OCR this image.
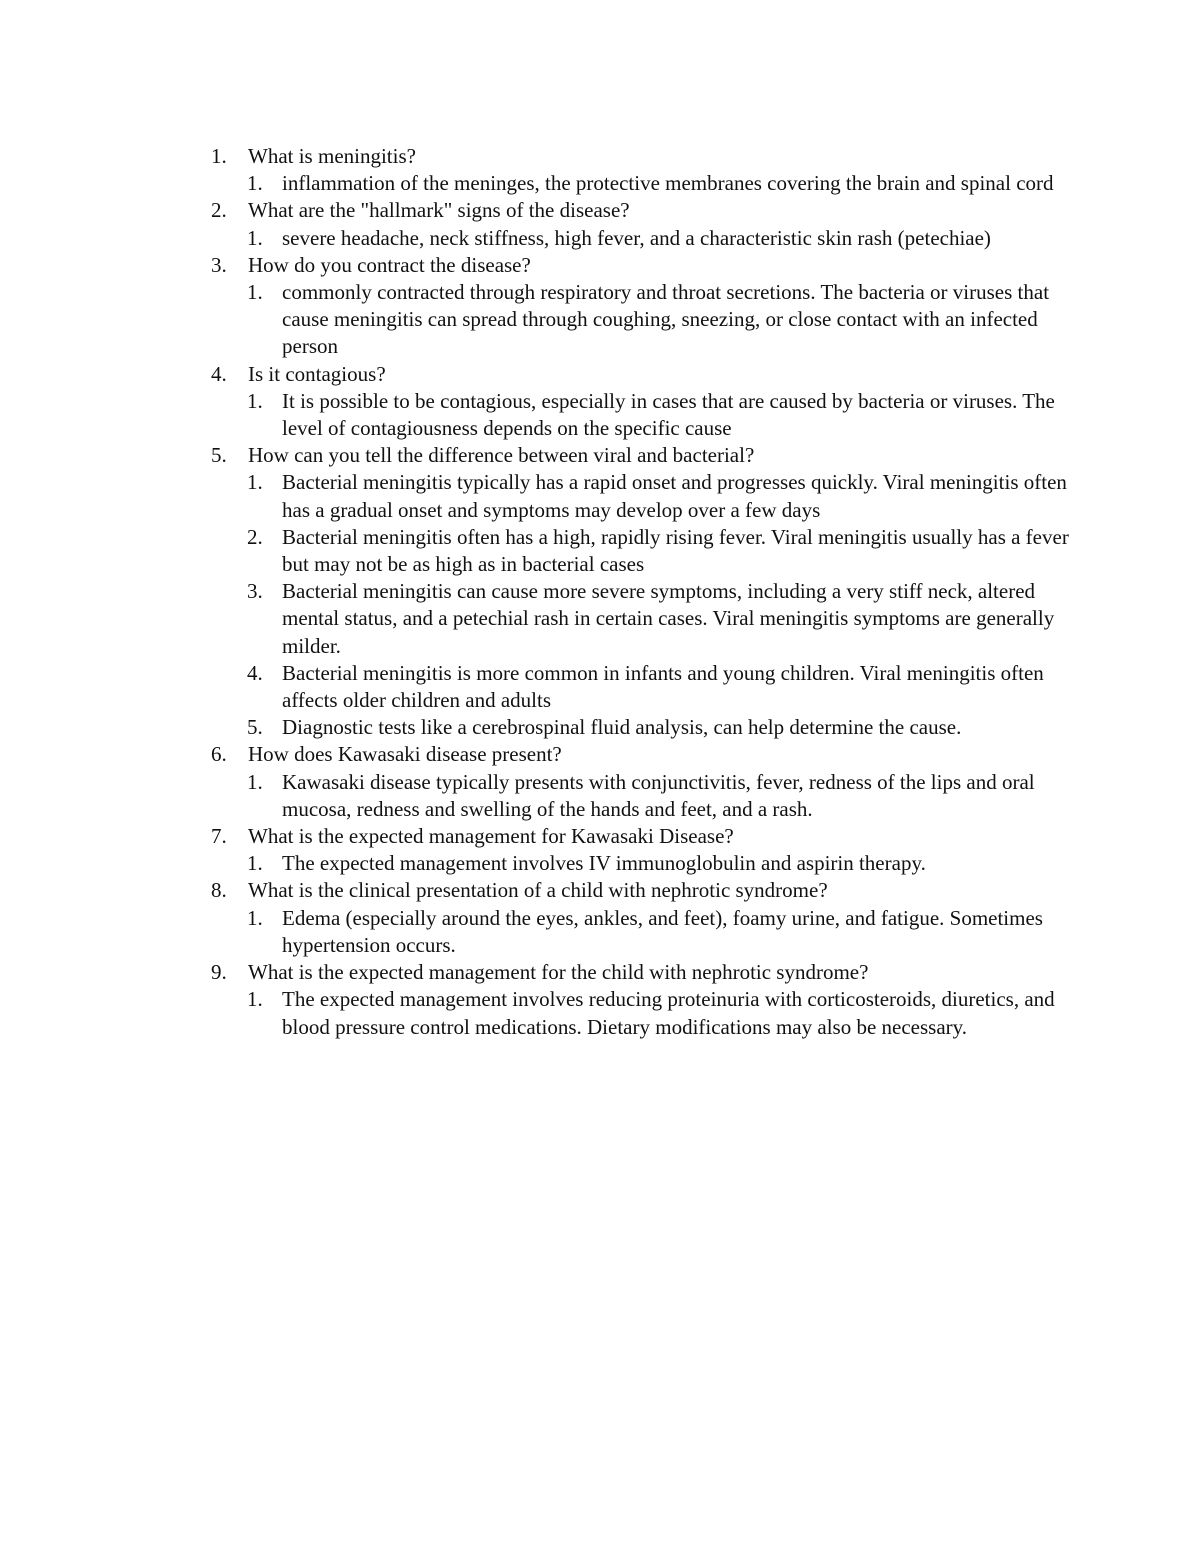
1.	What is meningitis?
1. inflammation of the meninges, the protective membranes covering the brain and spinal cord
2.	What are the "hallmark" signs of the disease?
1. severe headache, neck stiffness, high fever, and a characteristic skin rash (petechiae)
3.	How do you contract the disease?
1. commonly contracted through respiratory and throat secretions. The bacteria or viruses that cause meningitis can spread through coughing, sneezing, or close contact with an infected person
4.	Is it contagious?
1. It is possible to be contagious, especially in cases that are caused by bacteria or viruses. The level of contagiousness depends on the specific cause
5.	How can you tell the difference between viral and bacterial?
1. Bacterial meningitis typically has a rapid onset and progresses quickly. Viral meningitis often has a gradual onset and symptoms may develop over a few days
2. Bacterial meningitis often has a high, rapidly rising fever. Viral meningitis usually has a fever but may not be as high as in bacterial cases
3. Bacterial meningitis can cause more severe symptoms, including a very stiff neck, altered mental status, and a petechial rash in certain cases. Viral meningitis symptoms are generally milder.
4. Bacterial meningitis is more common in infants and young children. Viral meningitis often affects older children and adults
5. Diagnostic tests like a cerebrospinal fluid analysis, can help determine the cause.
6.	How does Kawasaki disease present?
1. Kawasaki disease typically presents with conjunctivitis, fever, redness of the lips and oral mucosa, redness and swelling of the hands and feet, and a rash.
7.	What is the expected management for Kawasaki Disease?
1. The expected management involves IV immunoglobulin and aspirin therapy.
8.	What is the clinical presentation of a child with nephrotic syndrome?
1. Edema (especially around the eyes, ankles, and feet), foamy urine, and fatigue. Sometimes hypertension occurs.
9.	What is the expected management for the child with nephrotic syndrome?
1. The expected management involves reducing proteinuria with corticosteroids, diuretics, and blood pressure control medications. Dietary modifications may also be necessary.
